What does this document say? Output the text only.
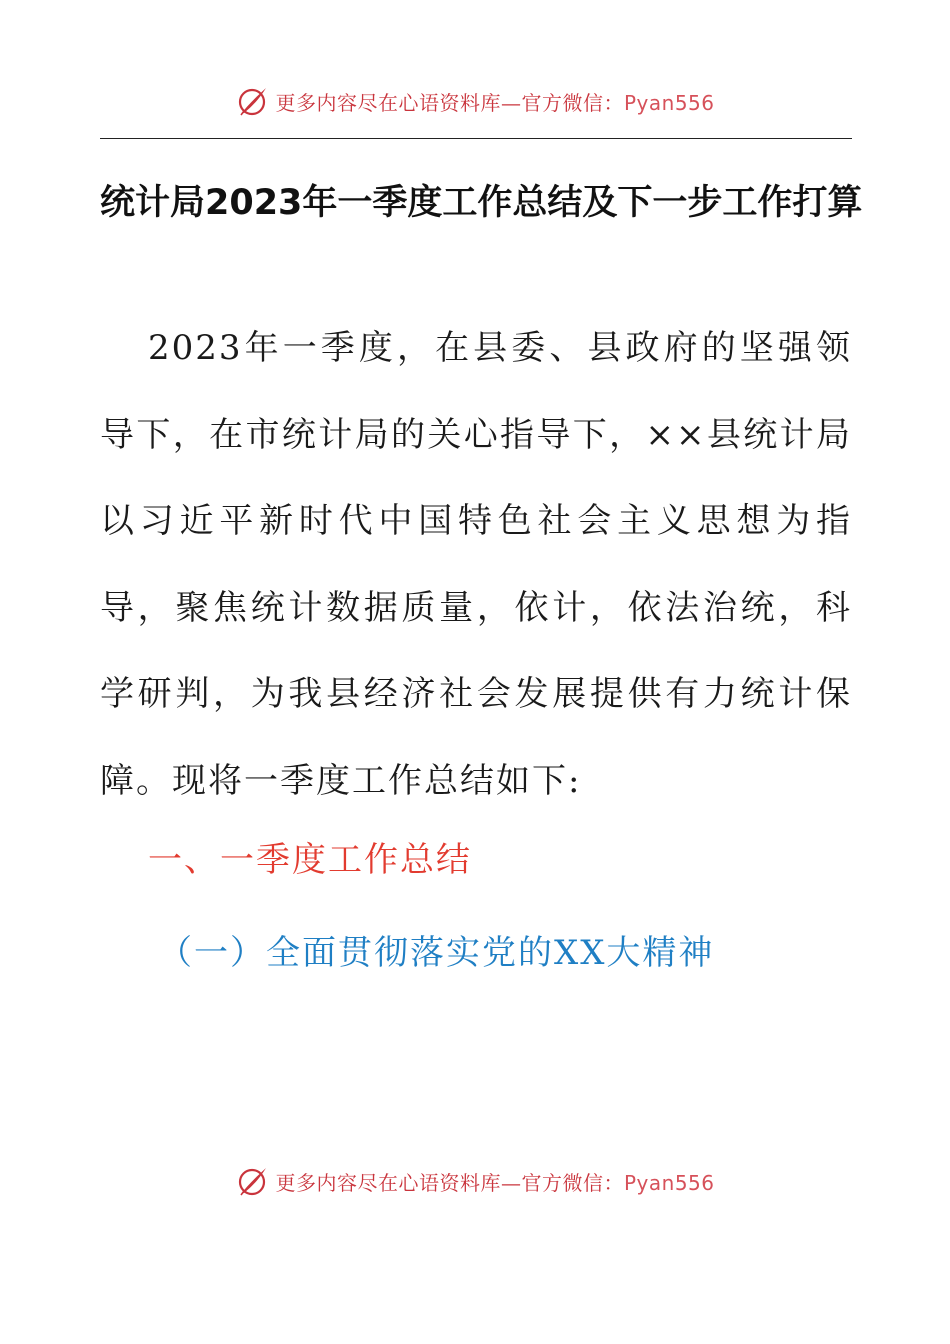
更多内容尽在心语资料库—官方微信：Pyan556
统计局2023年一季度工作总结及下一步工作打算
2023年一季度，在县委、县政府的坚强领导下，在市统计局的关心指导下，××县统计局以习近平新时代中国特色社会主义思想为指导，聚焦统计数据质量，依计，依法治统，科学研判，为我县经济社会发展提供有力统计保障。现将一季度工作总结如下:
一、一季度工作总结
（一）全面贯彻落实党的XX大精神
更多内容尽在心语资料库—官方微信：Pyan556
